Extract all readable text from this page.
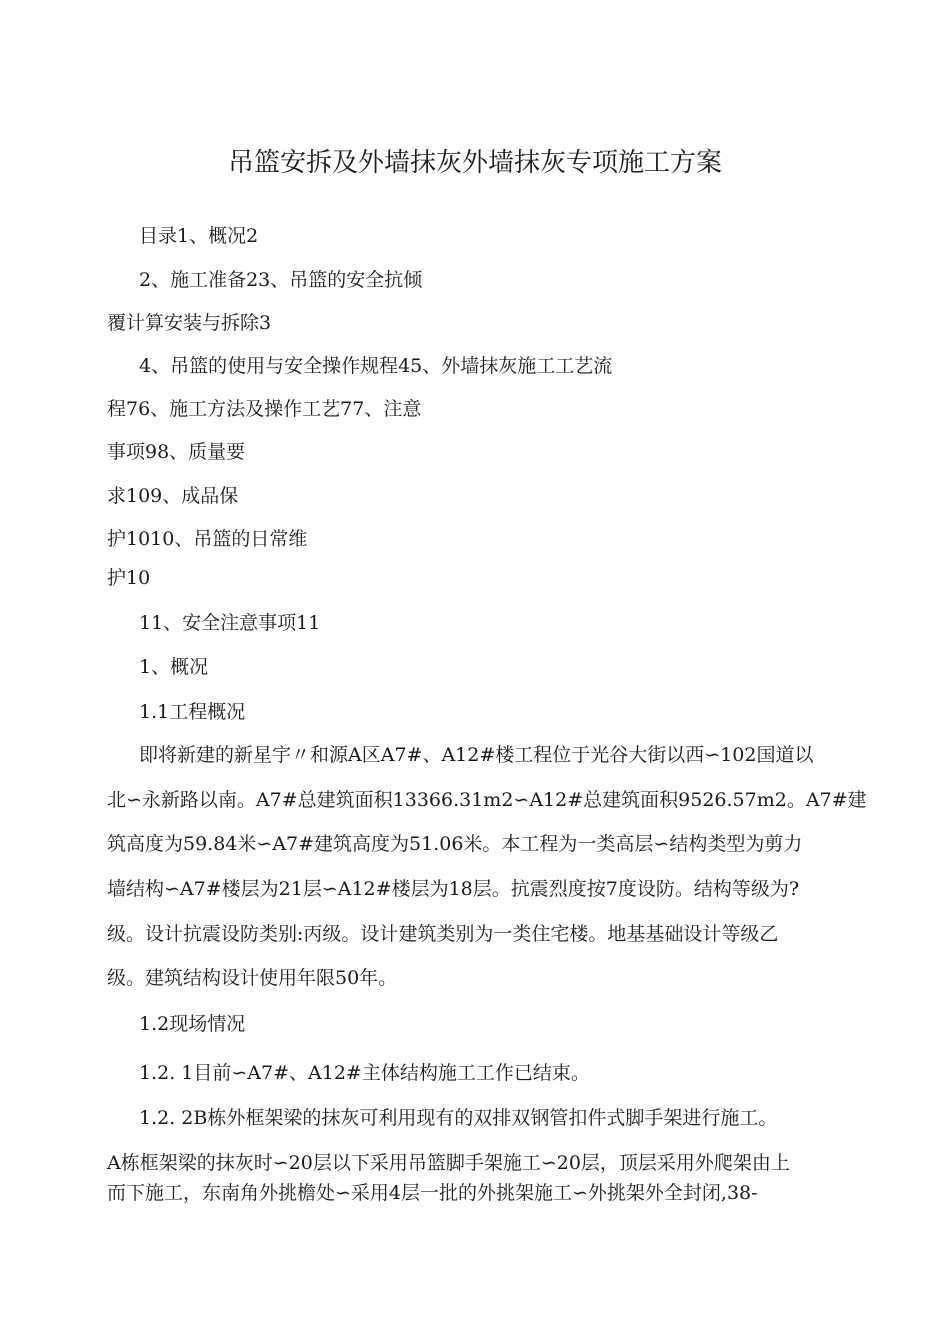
吊篮安拆及外墙抹灰外墙抹灰专项施工方案
目录1、概况2
2、施工准备23、吊篮的安全抗倾
覆计算安装与拆除3
4、吊篮的使用与安全操作规程45、外墙抹灰施工工艺流
程76、施工方法及操作工艺77、注意
事项98、质量要
求109、成品保
护1010、吊篮的日常维
护10
11、安全注意事项11
1、概况
1.1工程概况
即将新建的新星宇〃和源A区A7#、A12#楼工程位于光谷大街以西∽102国道以
北∽永新路以南。A7#总建筑面积13366.31m2∽A12#总建筑面积9526.57m2。A7#建
筑高度为59.84米∽A7#建筑高度为51.06米。本工程为一类高层∽结构类型为剪力
墙结构∽A7#楼层为21层∽A12#楼层为18层。抗震烈度按7度设防。结构等级为?
级。设计抗震设防类别:丙级。设计建筑类别为一类住宅楼。地基基础设计等级乙
级。建筑结构设计使用年限50年。
1.2现场情况
1.2. 1目前∽A7#、A12#主体结构施工工作已结束。
1.2. 2B栋外框架梁的抹灰可利用现有的双排双钢管扣件式脚手架进行施工。
A栋框架梁的抹灰时∽20层以下采用吊篮脚手架施工∽20层，顶层采用外爬架由上
而下施工，东南角外挑檐处∽采用4层一批的外挑架施工∽外挑架外全封闭,38-
